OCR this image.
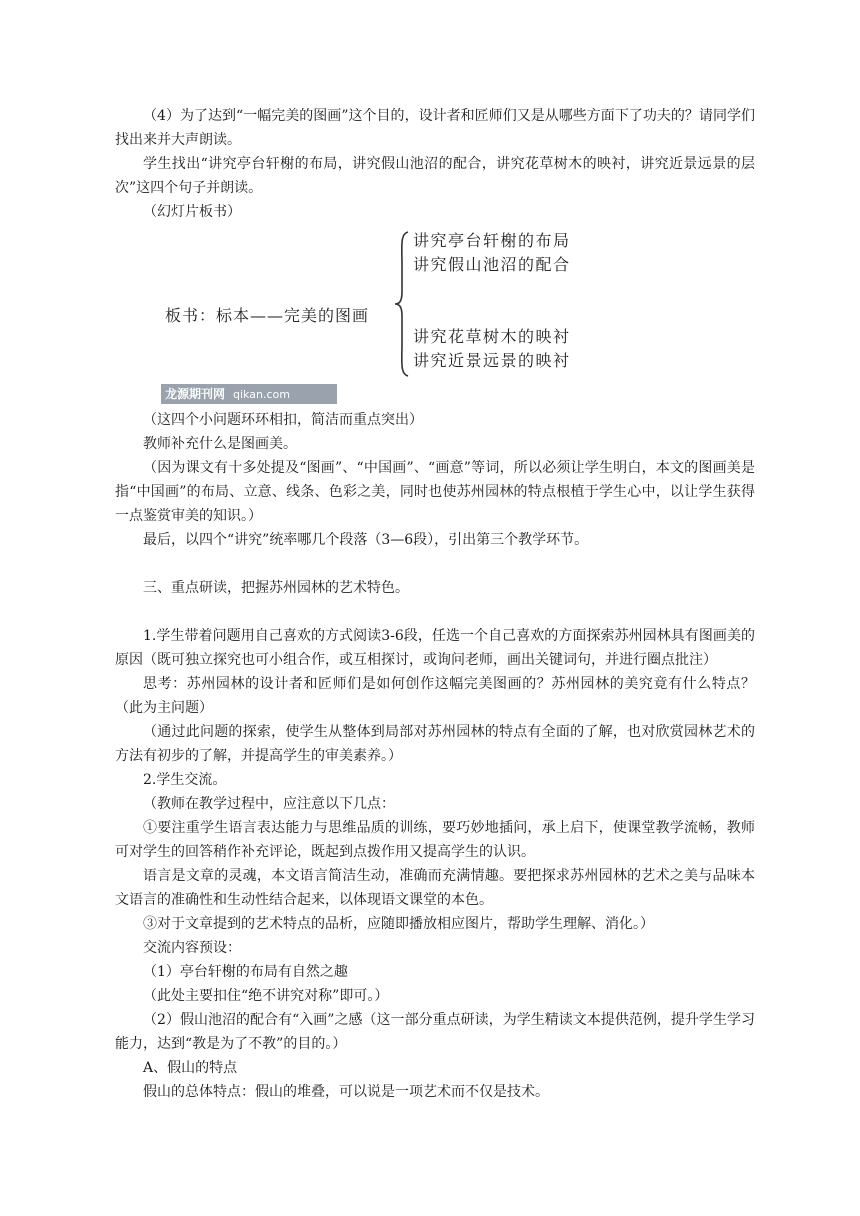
（4）为了达到“一幅完美的图画”这个目的，设计者和匠师们又是从哪些方面下了功夫的？请同学们找出来并大声朗读。

学生找出“讲究亭台轩榭的布局，讲究假山池沼的配合，讲究花草树木的映衬，讲究近景远景的层次”这四个句子并朗读。

（幻灯片板书）

板书：标本——完美的图画
讲究亭台轩榭的布局
讲究假山池沼的配合
讲究花草树木的映衬
讲究近景远景的映衬
龙源期刊网 qikan.com

（这四个小问题环环相扣，简洁而重点突出）

教师补充什么是图画美。

（因为课文有十多处提及“图画”、“中国画”、“画意”等词，所以必须让学生明白，本文的图画美是指“中国画”的布局、立意、线条、色彩之美，同时也使苏州园林的特点根植于学生心中，以让学生获得一点鉴赏审美的知识。）

最后，以四个“讲究”统率哪几个段落（3—6段），引出第三个教学环节。

三、重点研读，把握苏州园林的艺术特色。

1.学生带着问题用自己喜欢的方式阅读3-6段，任选一个自己喜欢的方面探索苏州园林具有图画美的原因（既可独立探究也可小组合作，或互相探讨，或询问老师，画出关键词句，并进行圈点批注）

思考：苏州园林的设计者和匠师们是如何创作这幅完美图画的？苏州园林的美究竟有什么特点？（此为主问题）

（通过此问题的探索，使学生从整体到局部对苏州园林的特点有全面的了解，也对欣赏园林艺术的方法有初步的了解，并提高学生的审美素养。）

2.学生交流。

（教师在教学过程中，应注意以下几点：

①要注重学生语言表达能力与思维品质的训练，要巧妙地插问，承上启下，使课堂教学流畅，教师可对学生的回答稍作补充评论，既起到点拨作用又提高学生的认识。

语言是文章的灵魂，本文语言简洁生动，准确而充满情趣。要把探求苏州园林的艺术之美与品味本文语言的准确性和生动性结合起来，以体现语文课堂的本色。

③对于文章提到的艺术特点的品析，应随即播放相应图片，帮助学生理解、消化。）

交流内容预设：

（1）亭台轩榭的布局有自然之趣

（此处主要扣住“绝不讲究对称”即可。）

（2）假山池沼的配合有“入画”之感（这一部分重点研读，为学生精读文本提供范例，提升学生学习能力，达到“教是为了不教”的目的。）

A、假山的特点

假山的总体特点：假山的堆叠，可以说是一项艺术而不仅是技术。
